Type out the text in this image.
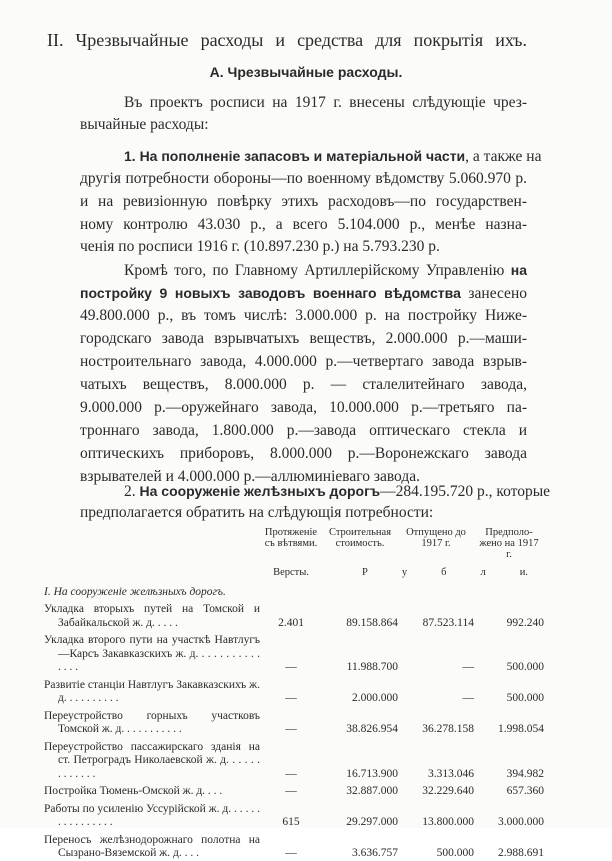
II. Чрезвычайные расходы и средства для покрытія ихъ.
А. Чрезвычайные расходы.
Въ проектъ росписи на 1917 г. внесены слѣдующіе чрез-
вычайные расходы:
1. На пополненіе запасовъ и матеріальной части, а также на
другія потребности обороны—по военному вѣдомству 5.060.970 р.
и на ревизіонную повѣрку этихъ расходовъ—по государствен-
ному контролю 43.030 р., а всего 5.104.000 р., менѣе назна-
ченія по росписи 1916 г. (10.897.230 р.) на 5.793.230 р.
Кромѣ того, по Главному Артиллерійскому Управленію на
постройку 9 новыхъ заводовъ военнаго вѣдомства занесено
49.800.000 р., въ томъ числѣ: 3.000.000 р. на постройку Ниже-
городскаго завода взрывчатыхъ веществъ, 2.000.000 р.—маши-
ностроительнаго завода, 4.000.000 р.—четвертаго завода взрыв-
чатыхъ веществъ, 8.000.000 р. — сталелитейнаго завода,
9.000.000 р.—оружейнаго завода, 10.000.000 р.—третьяго па-
троннаго завода, 1.800.000 р.—завода оптическаго стекла и
оптическихъ приборовъ, 8.000.000 р.—Воронежскаго завода
взрывателей и 4.000.000 р.—аллюминіеваго завода.
2. На сооруженіе желѣзныхъ дорогъ—284.195.720 р., которые
предполагается обратить на слѣдующія потребности:
	Протяженіе съ вѣтвями.	Строительная стоимость.	Отпущено до 1917 г.	Предполо-жено на 1917 г.
	Версты.	Р у б л и.		
I. На сооруженіе желѣзныхъ дорогъ.				
Укладка вторыхъ путей на Томской и Забайкальской ж. д. . . . .	2.401	89.158.864	87.523.114	992.240
Укладка второго пути на участкѣ Навтлугъ—Карсъ Закавказскихъ ж. д. . . . . . . . . . . . . . .	—	11.988.700	—	500.000
Развитіе станціи Навтлугъ Закавказскихъ ж. д. . . . . . . . . .	—	2.000.000	—	500.000
Переустройство горныхъ участковъ Томской ж. д. . . . . . . . . . .	—	38.826.954	36.278.158	1.998.054
Переустройство пассажирскаго зданія на ст. Петроградъ Николаевской ж. д. . . . . . . . . . . . .	—	16.713.900	3.313.046	394.982
Постройка Тюмень-Омской ж. д. . . .	—	32.887.000	32.229.640	657.360
Работы по усиленію Уссурійской ж. д. . . . . . . . . . . . . . . .	615	29.297.000	13.800.000	3.000.000
Переносъ желѣзнодорожнаго полотна на Сызрано-Вяземской ж. д. . . .	—	3.636.757	500.000	2.988.691
